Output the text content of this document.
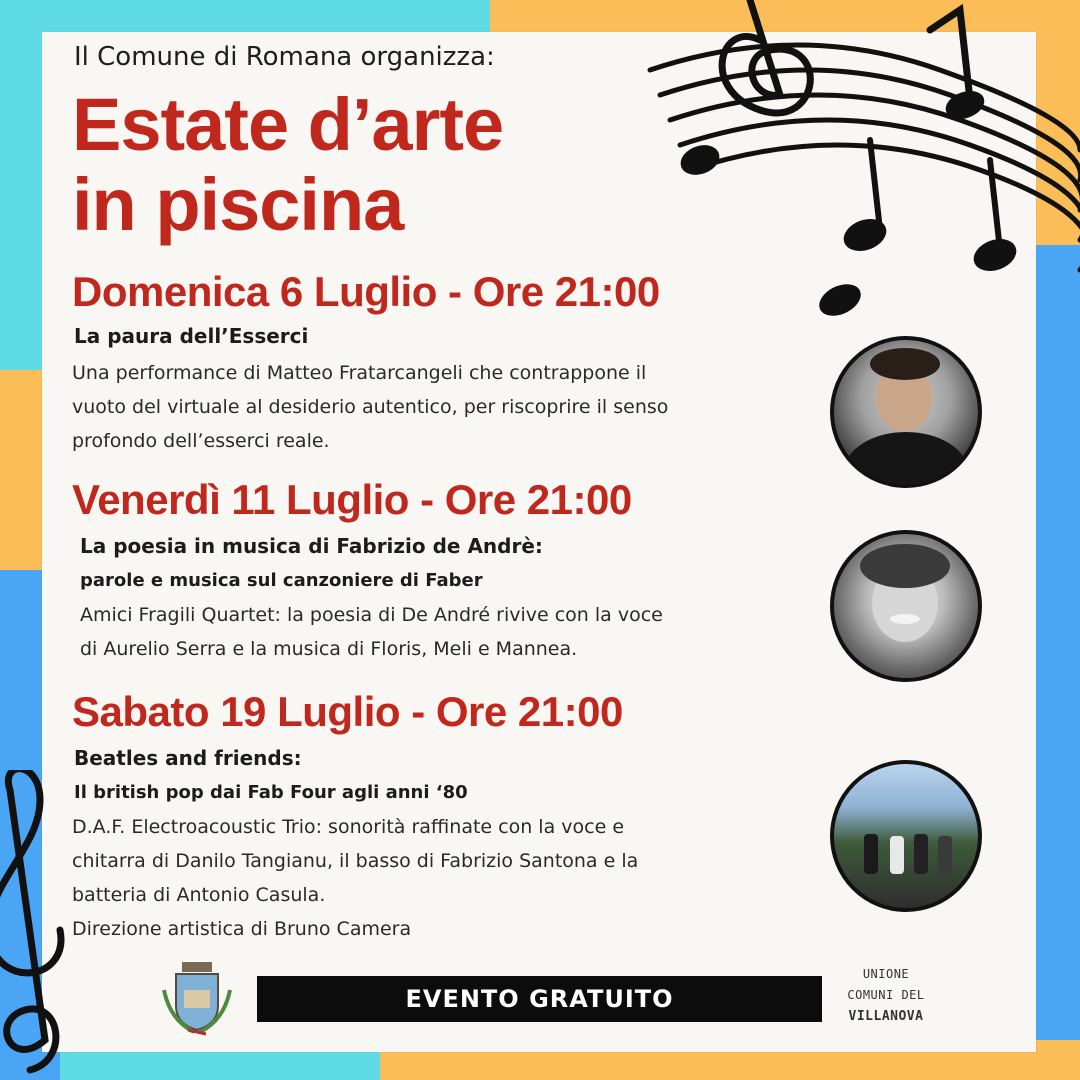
Il Comune di Romana organizza:
Estate d’arte
in piscina
Domenica 6 Luglio - Ore 21:00
La paura dell’Esserci
Una performance di Matteo Fratarcangeli che contrappone il
vuoto del virtuale al desiderio autentico, per riscoprire il senso
profondo dell’esserci reale.
Venerdì 11 Luglio - Ore 21:00
La poesia in musica di Fabrizio de Andrè:
parole e musica sul canzoniere di Faber
Amici Fragili Quartet: la poesia di De André rivive con la voce
di Aurelio Serra e la musica di Floris, Meli e Mannea.
Sabato 19 Luglio - Ore 21:00
Beatles and friends:
Il british pop dai Fab Four agli anni ‘80
D.A.F. Electroacoustic Trio: sonorità raffinate con la voce e
chitarra di Danilo Tangianu, il basso di Fabrizio Santona e la
batteria di Antonio Casula.
Direzione artistica di Bruno Camera
EVENTO GRATUITO
UNIONE
COMUNI DEL
VILLANOVA
